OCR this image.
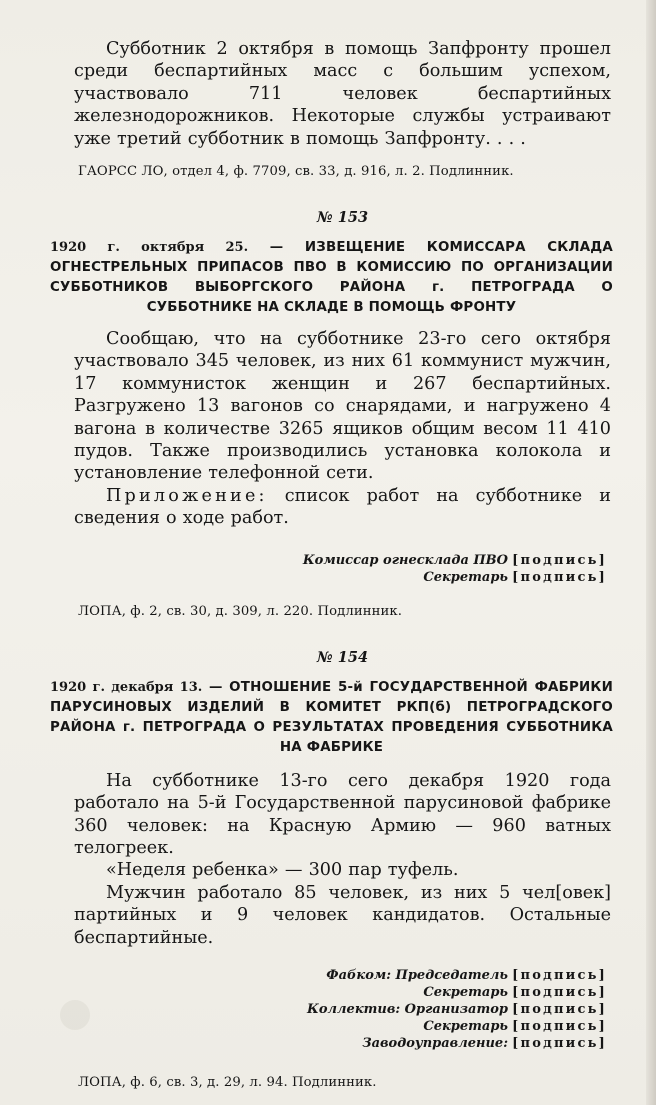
Субботник 2 октября в помощь Запфронту прошел среди беспартийных масс с большим успехом, участвовало 711 человек беспартийных железнодорожников. Некоторые службы устраивают уже третий субботник в помощь Запфронту. . . .

ГАОРСС ЛО, отдел 4, ф. 7709, св. 33, д. 916, л. 2. Подлинник.

№ 153

1920 г. октября 25. — ИЗВЕЩЕНИЕ КОМИССАРА СКЛАДА ОГНЕСТРЕЛЬНЫХ ПРИПАСОВ ПВО В КОМИССИЮ ПО ОРГАНИЗАЦИИ СУББОТНИКОВ ВЫБОРГСКОГО РАЙОНА г. ПЕТРОГРАДА О СУББОТНИКЕ НА СКЛАДЕ В ПОМОЩЬ ФРОНТУ

Сообщаю, что на субботнике 23-го сего октября участвовало 345 человек, из них 61 коммунист мужчин, 17 коммунисток женщин и 267 беспартийных. Разгружено 13 вагонов со снарядами, и нагружено 4 вагона в количестве 3265 ящиков общим весом 11 410 пудов. Также производились установка колокола и установление телефонной сети.

Приложение: список работ на субботнике и сведения о ходе работ.

Комиссар огнесклада ПВО [подпись]

Секретарь [подпись]

ЛОПА, ф. 2, св. 30, д. 309, л. 220. Подлинник.

№ 154

1920 г. декабря 13. — ОТНОШЕНИЕ 5-й ГОСУДАРСТВЕННОЙ ФАБРИКИ ПАРУСИНОВЫХ ИЗДЕЛИЙ В КОМИТЕТ РКП(б) ПЕТРОГРАДСКОГО РАЙОНА г. ПЕТРОГРАДА О РЕЗУЛЬТАТАХ ПРОВЕДЕНИЯ СУББОТНИКА НА ФАБРИКЕ

На субботнике 13-го сего декабря 1920 года работало на 5-й Государственной парусиновой фабрике 360 человек: на Красную Армию — 960 ватных телогреек.

«Неделя ребенка» — 300 пар туфель.

Мужчин работало 85 человек, из них 5 чел[овек] партийных и 9 человек кандидатов. Остальные беспартийные.

Фабком: Председатель [подпись]

Секретарь [подпись]

Коллектив: Организатор [подпись]

Секретарь [подпись]

Заводоуправление: [подпись]

ЛОПА, ф. 6, св. 3, д. 29, л. 94. Подлинник.
